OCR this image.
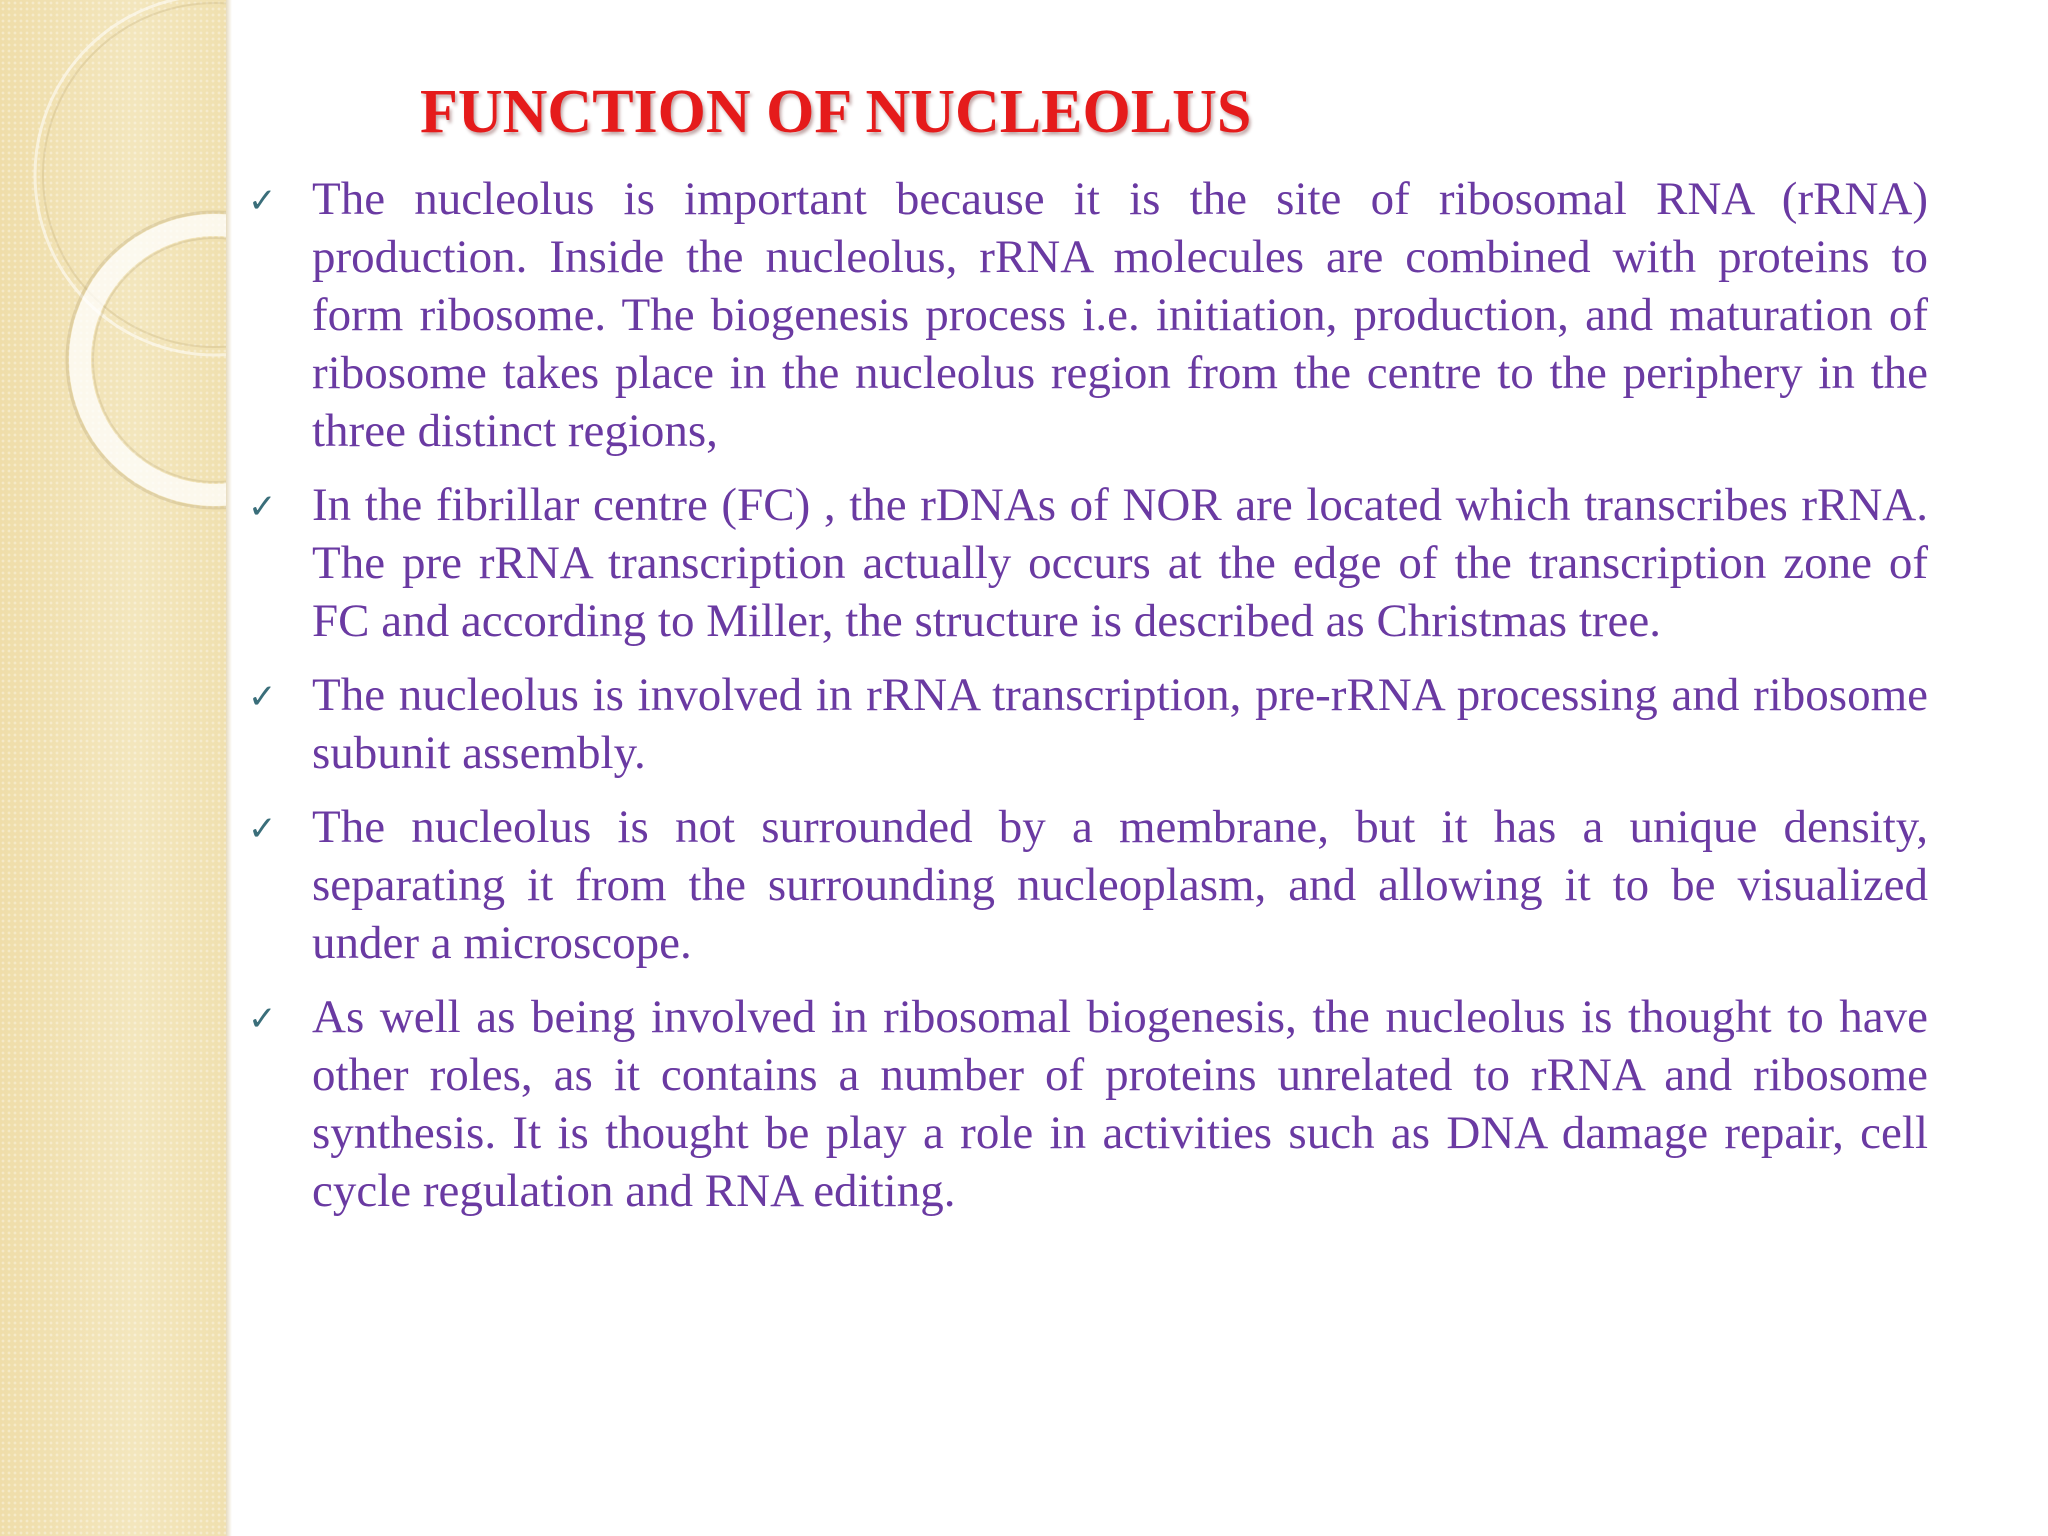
FUNCTION OF NUCLEOLUS
✓ The nucleolus is important because it is the site of ribosomal RNA (rRNA) production. Inside the nucleolus, rRNA molecules are combined with proteins to form ribosome. The biogenesis process i.e. initiation, production, and maturation of ribosome takes place in the nucleolus region from the centre to the periphery in the three distinct regions,
✓ In the fibrillar centre (FC) , the rDNAs of NOR are located which transcribes rRNA. The pre rRNA transcription actually occurs at the edge of the transcription zone of FC and according to Miller, the structure is described as Christmas tree.
✓ The nucleolus is involved in rRNA transcription, pre-rRNA processing and ribosome subunit assembly.
✓ The nucleolus is not surrounded by a membrane, but it has a unique density, separating it from the surrounding nucleoplasm, and allowing it to be visualized under a microscope.
✓ As well as being involved in ribosomal biogenesis, the nucleolus is thought to have other roles, as it contains a number of proteins unrelated to rRNA and ribosome synthesis. It is thought be play a role in activities such as DNA damage repair, cell cycle regulation and RNA editing.
